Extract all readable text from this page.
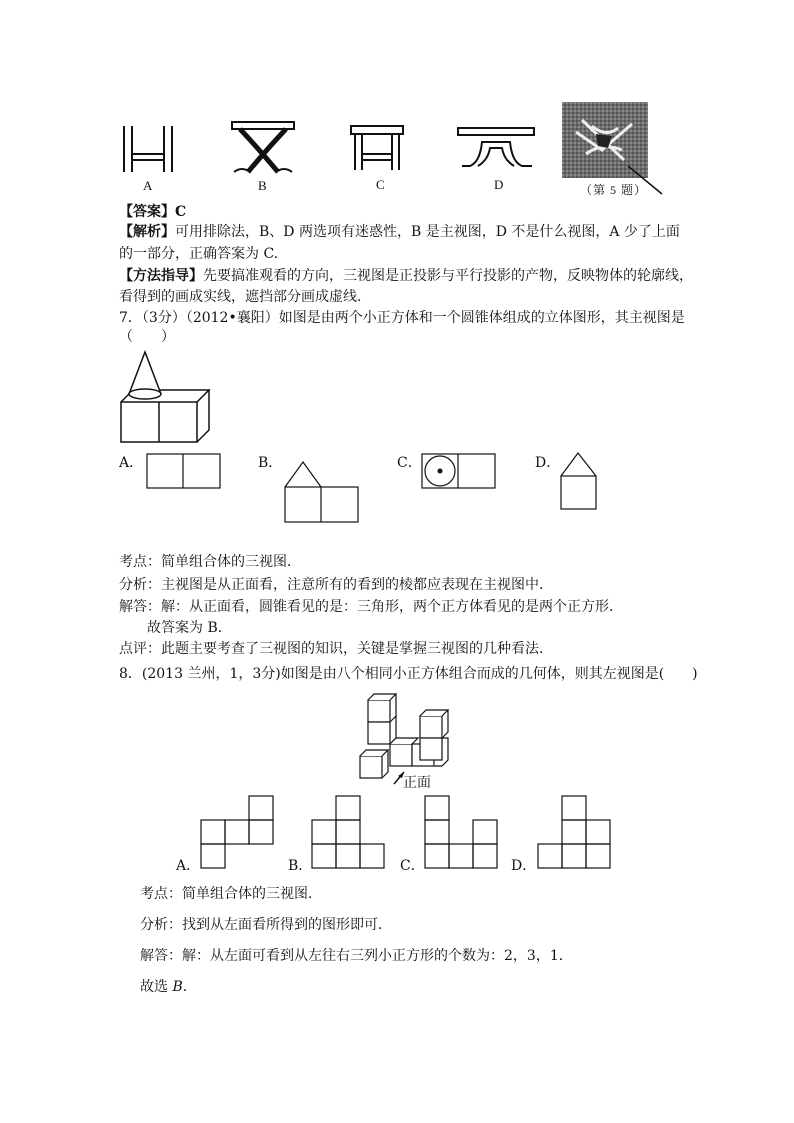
A	B	C	D	（第 5 题）
【答案】C
【解析】可用排除法，B、D 两选项有迷惑性，B 是主视图，D 不是什么视图，A 少了上面
的一部分，正确答案为 C.
【方法指导】先要搞准观看的方向，三视图是正投影与平行投影的产物，反映物体的轮廓线，
看得到的画成实线，遮挡部分画成虚线.
7．（3分）（2012•襄阳）如图是由两个小正方体和一个圆锥体组成的立体图形，其主视图是
（　　）
A．	B．	C．	D．
考点：简单组合体的三视图．
分析：主视图是从正面看，注意所有的看到的棱都应表现在主视图中．
解答：解：从正面看，圆锥看见的是：三角形，两个正方体看见的是两个正方形．
故答案为 B．
点评：此题主要考查了三视图的知识，关键是掌握三视图的几种看法．
8．(2013 兰州，1，3分)如图是由八个相同小正方体组合而成的几何体，则其左视图是(　　)
正面
A．	B．	C．	D．
考点：简单组合体的三视图．
分析：找到从左面看所得到的图形即可．
解答：解：从左面可看到从左往右三列小正方形的个数为：2，3，1．
故选 B．
